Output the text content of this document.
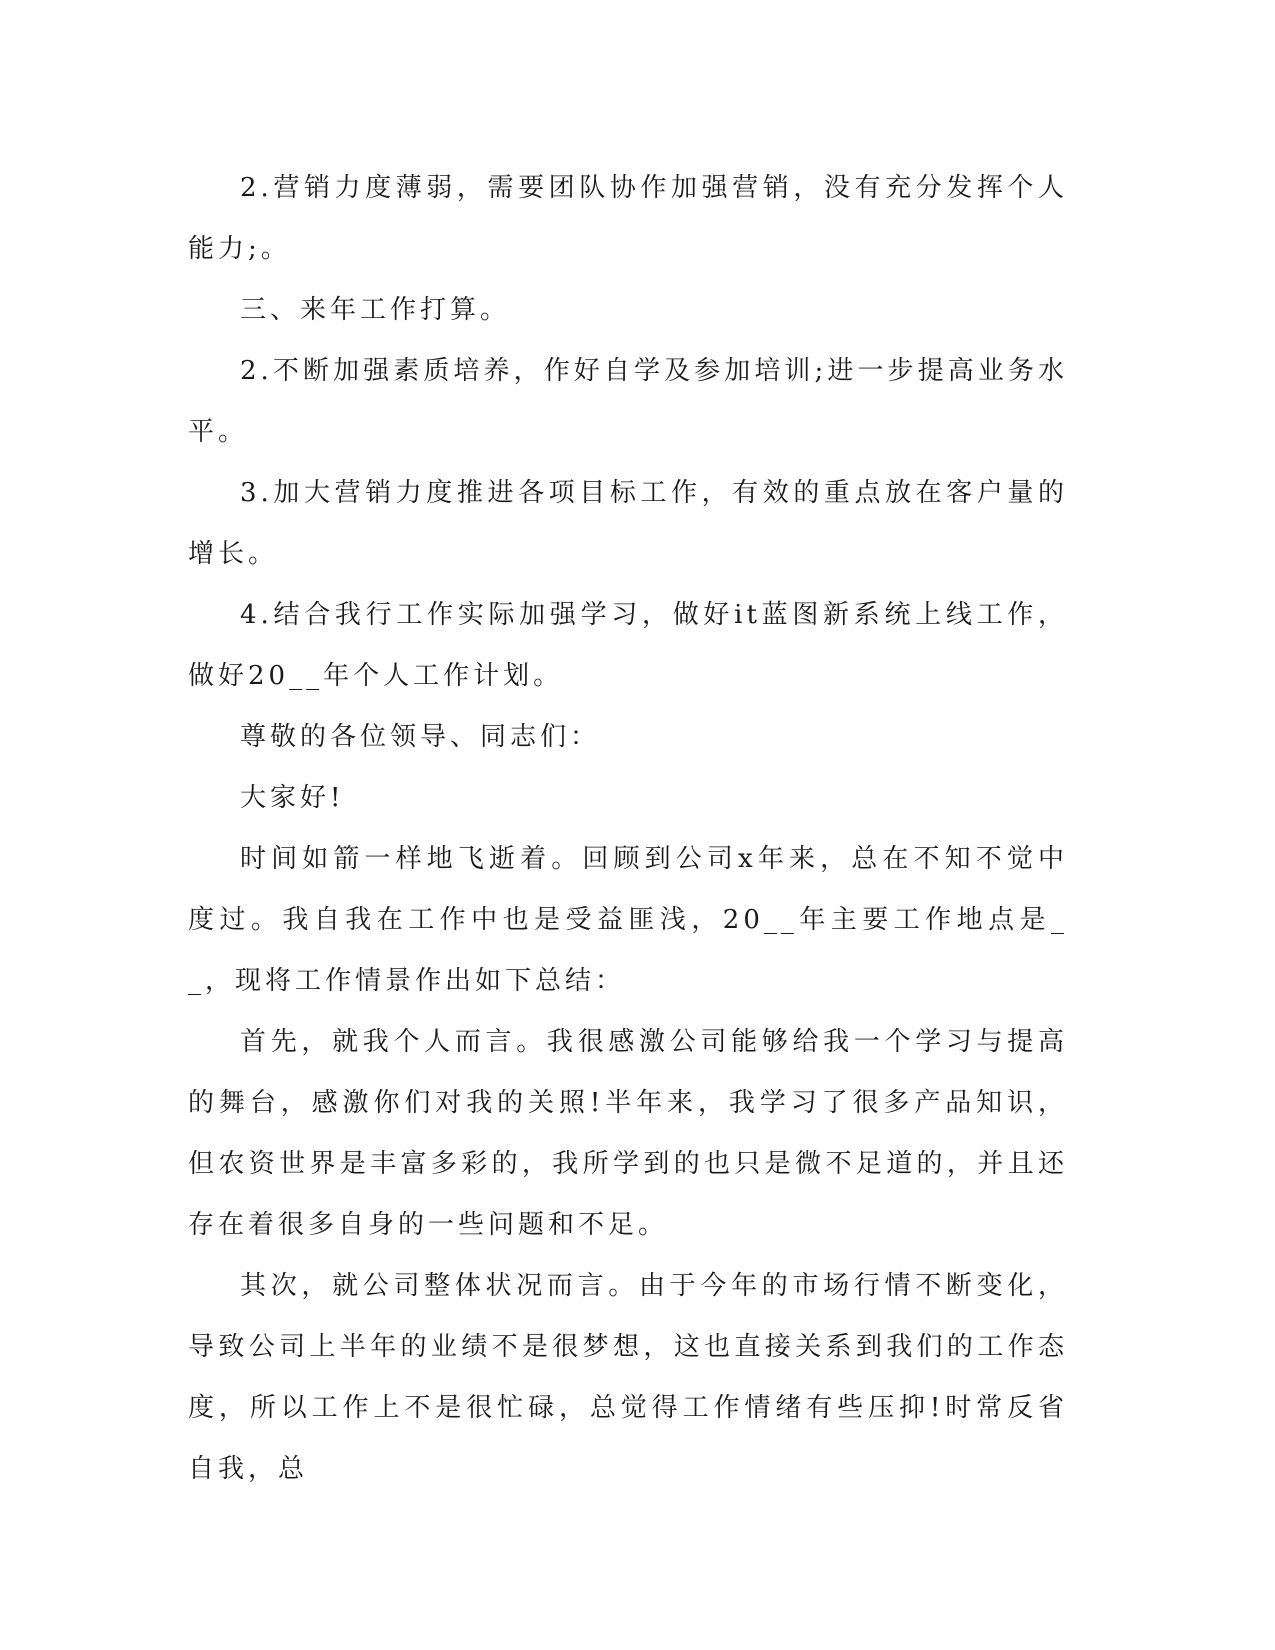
2.营销力度薄弱，需要团队协作加强营销，没有充分发挥个人能力;。

三、来年工作打算。

2.不断加强素质培养，作好自学及参加培训;进一步提高业务水平。

3.加大营销力度推进各项目标工作，有效的重点放在客户量的增长。

4.结合我行工作实际加强学习，做好it蓝图新系统上线工作，做好20__年个人工作计划。

尊敬的各位领导、同志们：

大家好!

时间如箭一样地飞逝着。回顾到公司x年来，总在不知不觉中度过。我自我在工作中也是受益匪浅，20__年主要工作地点是__，现将工作情景作出如下总结：

首先，就我个人而言。我很感激公司能够给我一个学习与提高的舞台，感激你们对我的关照!半年来，我学习了很多产品知识，但农资世界是丰富多彩的，我所学到的也只是微不足道的，并且还存在着很多自身的一些问题和不足。

其次，就公司整体状况而言。由于今年的市场行情不断变化，导致公司上半年的业绩不是很梦想，这也直接关系到我们的工作态度，所以工作上不是很忙碌，总觉得工作情绪有些压抑!时常反省自我，总
